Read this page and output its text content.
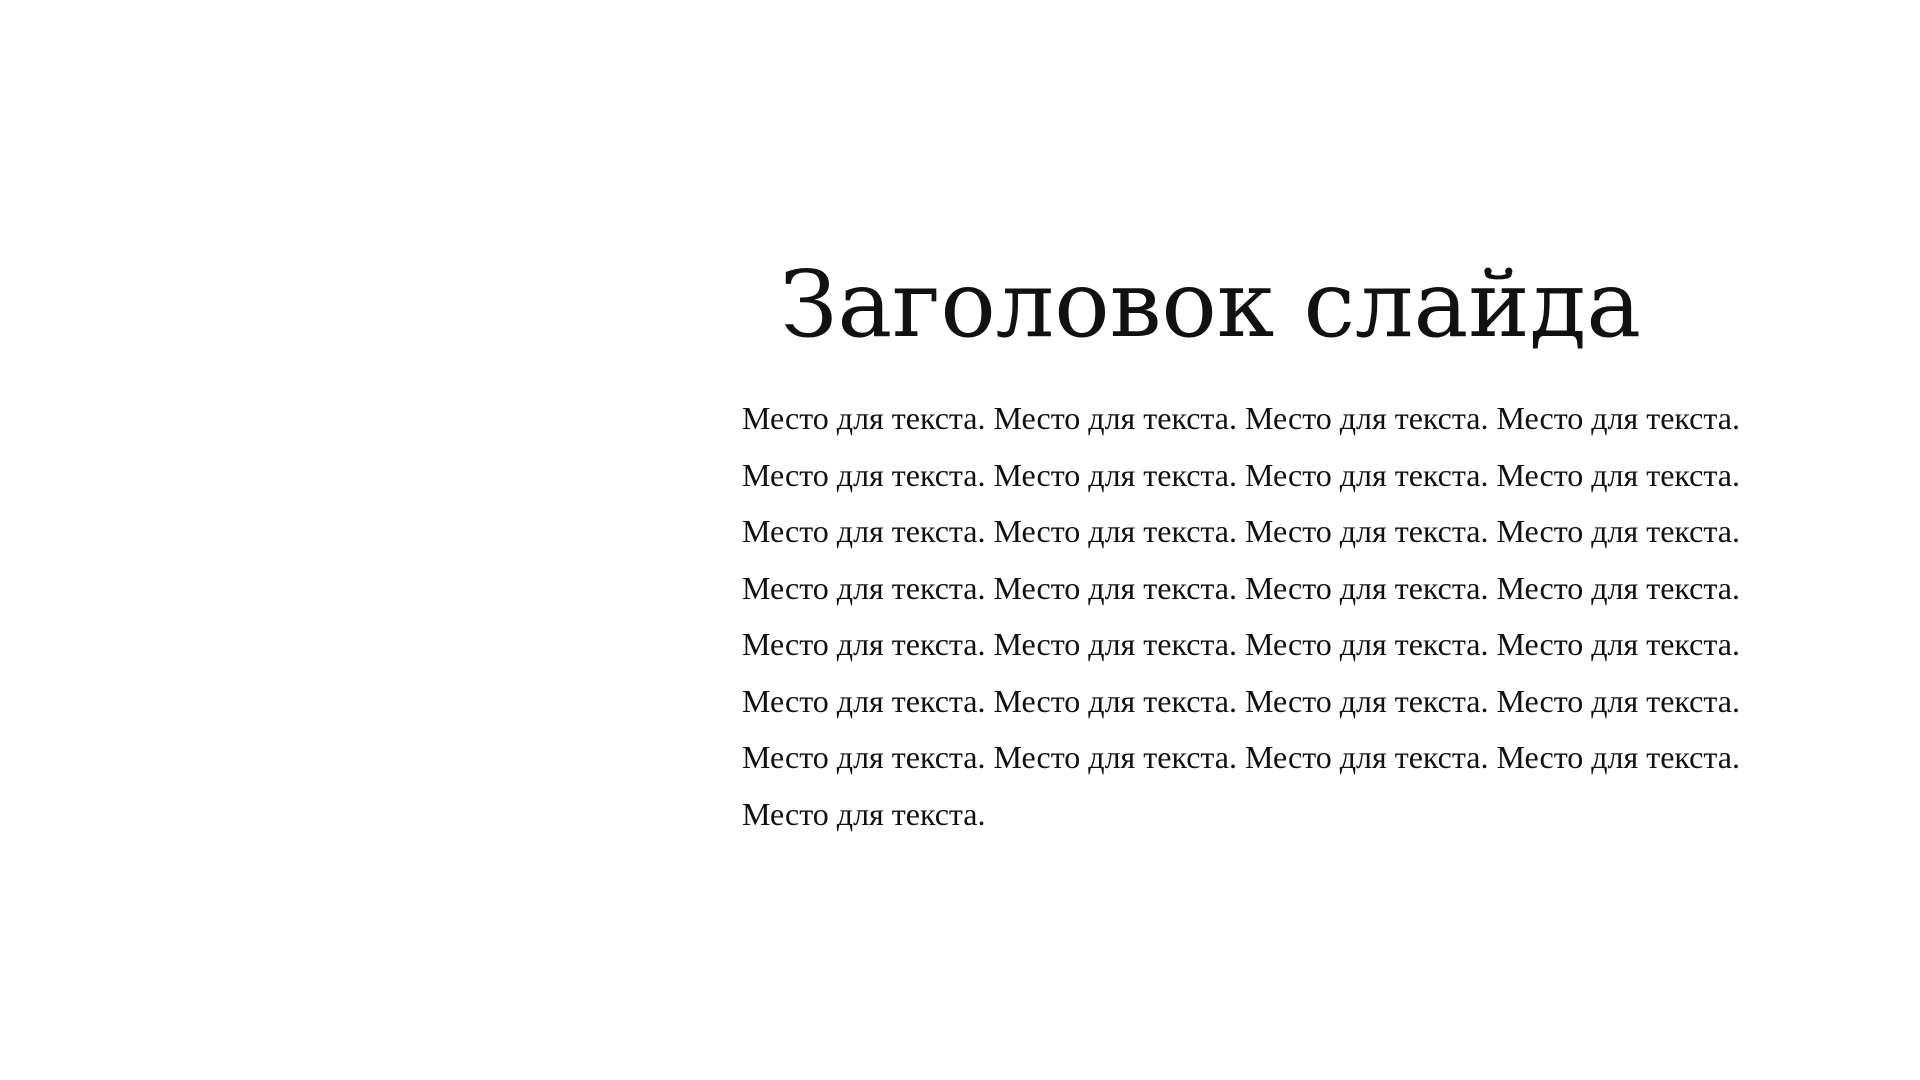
Заголовок слайда

Место для текста. Место для текста. Место для текста. Место для текста. Место для текста. Место для текста. Место для текста. Место для текста. Место для текста. Место для текста. Место для текста. Место для текста. Место для текста. Место для текста. Место для текста. Место для текста. Место для текста. Место для текста. Место для текста. Место для текста. Место для текста. Место для текста. Место для текста. Место для текста. Место для текста. Место для текста. Место для текста. Место для текста. Место для текста.
